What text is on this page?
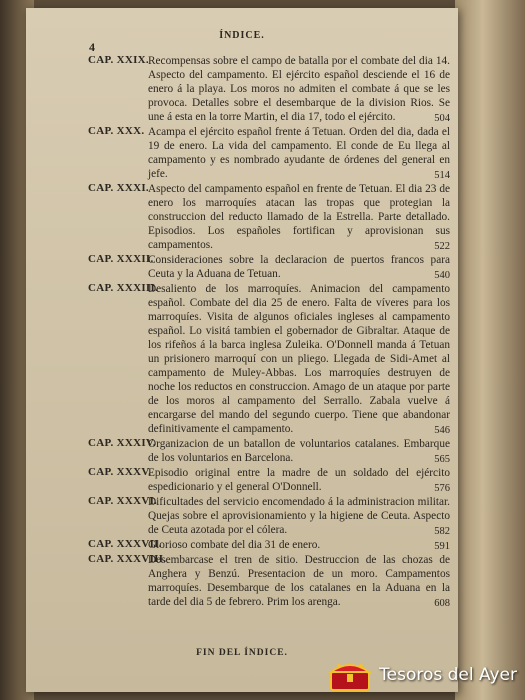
ÍNDICE.
4
CAP. XXIX. Recompensas sobre el campo de batalla por el combate del dia 14. Aspecto del campamento. El ejército español desciende el 16 de enero á la playa. Los moros no admiten el combate á que se les provoca. Detalles sobre el desembarque de la division Rios. Se une á esta en la torre Martin, el dia 17, todo el ejército.	504
CAP. XXX. Acampa el ejército español frente á Tetuan. Orden del dia, dada el 19 de enero. La vida del campamento. El conde de Eu llega al campamento y es nombrado ayudante de órdenes del general en jefe.	514
CAP. XXXI. Aspecto del campamento español en frente de Tetuan. El dia 23 de enero los marroquíes atacan las tropas que protegian la construccion del reducto llamado de la Estrella. Parte detallado. Episodios. Los españoles fortifican y aprovisionan sus campamentos.	522
CAP. XXXII.
Consideraciones sobre la declaracion de puertos francos para Ceuta y la Aduana de Tetuan.	540
CAP. XXXIII.
Desaliento de los marroquíes. Animacion del campamento español. Combate del dia 25 de enero. Falta de víveres para los marroquíes. Visita de algunos oficiales ingleses al campamento español. Lo visitá tambien el gobernador de Gibraltar. Ataque de los rifeños á la barca inglesa Zuleika. O'Donnell manda á Tetuan un prisionero marroquí con un pliego. Llegada de Sidi-Amet al campamento de Muley-Abbas. Los marroquíes destruyen de noche los reductos en construccion. Amago de un ataque por parte de los moros al campamento del Serrallo. Zabala vuelve á encargarse del mando del segundo cuerpo. Tiene que abandonar definitivamente el campamento.	546
CAP. XXXIV.
Organizacion de un batallon de voluntarios catalanes. Embarque de los voluntarios en Barcelona.	565
CAP. XXXV.
Episodio original entre la madre de un soldado del ejército espedicionario y el general O'Donnell.	576
CAP. XXXVI.
Dificultades del servicio encomendado á la administracion militar. Quejas sobre el aprovisionamiento y la higiene de Ceuta. Aspecto de Ceuta azotada por el cólera.	582
CAP. XXXVII.
Glorioso combate del dia 31 de enero.	591
CAP. XXXVIII.
Desembarcase el tren de sitio. Destruccion de las chozas de Anghera y Benzú. Presentacion de un moro. Campamentos marroquíes. Desembarque de los catalanes en la Aduana en la tarde del dia 5 de febrero. Prim los arenga.	608
FIN DEL ÍNDICE.
Tesoros del Ayer
